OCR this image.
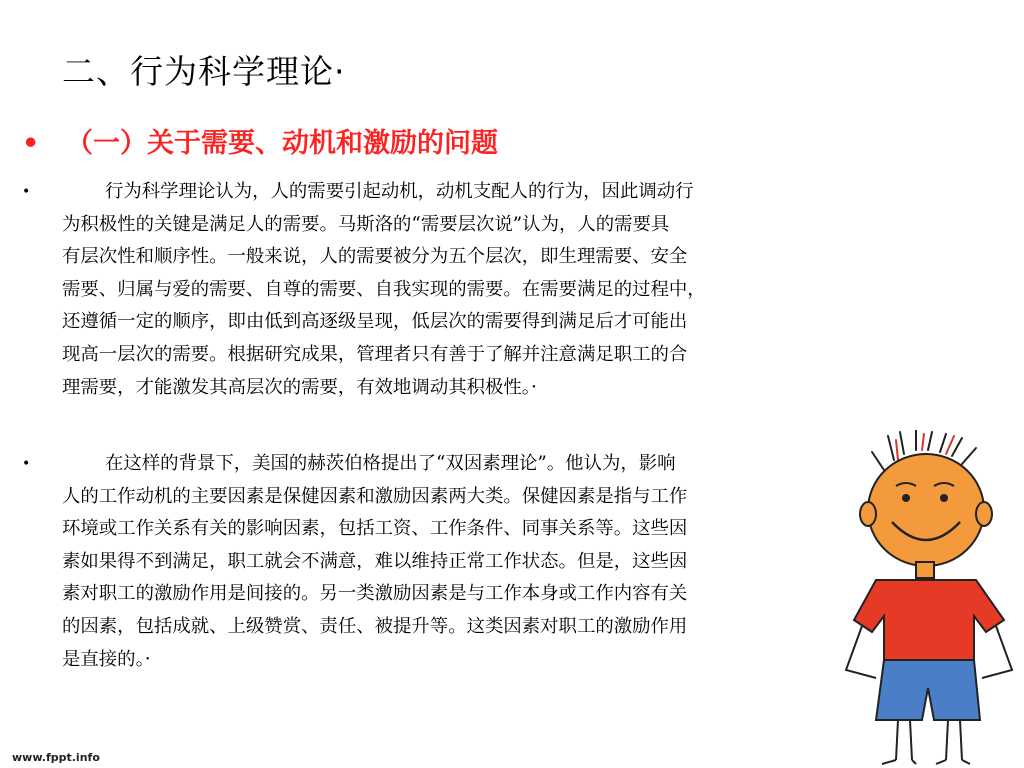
二、行为科学理论·
• （一）关于需要、动机和激励的问题
•	行为科学理论认为，人的需要引起动机，动机支配人的行为，因此调动行
为积极性的关键是满足人的需要。马斯洛的“需要层次说”认为，人的需要具
有层次性和顺序性。一般来说，人的需要被分为五个层次，即生理需要、安全
需要、归属与爱的需要、自尊的需要、自我实现的需要。在需要满足的过程中，
还遵循一定的顺序，即由低到高逐级呈现，低层次的需要得到满足后才可能出
现高一层次的需要。根据研究成果，管理者只有善于了解并注意满足职工的合
理需要，才能激发其高层次的需要，有效地调动其积极性。·
•	在这样的背景下，美国的赫茨伯格提出了“双因素理论”。他认为，影响
人的工作动机的主要因素是保健因素和激励因素两大类。保健因素是指与工作
环境或工作关系有关的影响因素，包括工资、工作条件、同事关系等。这些因
素如果得不到满足，职工就会不满意，难以维持正常工作状态。但是，这些因
素对职工的激励作用是间接的。另一类激励因素是与工作本身或工作内容有关
的因素，包括成就、上级赞赏、责任、被提升等。这类因素对职工的激励作用
是直接的。·
www.fppt.info
